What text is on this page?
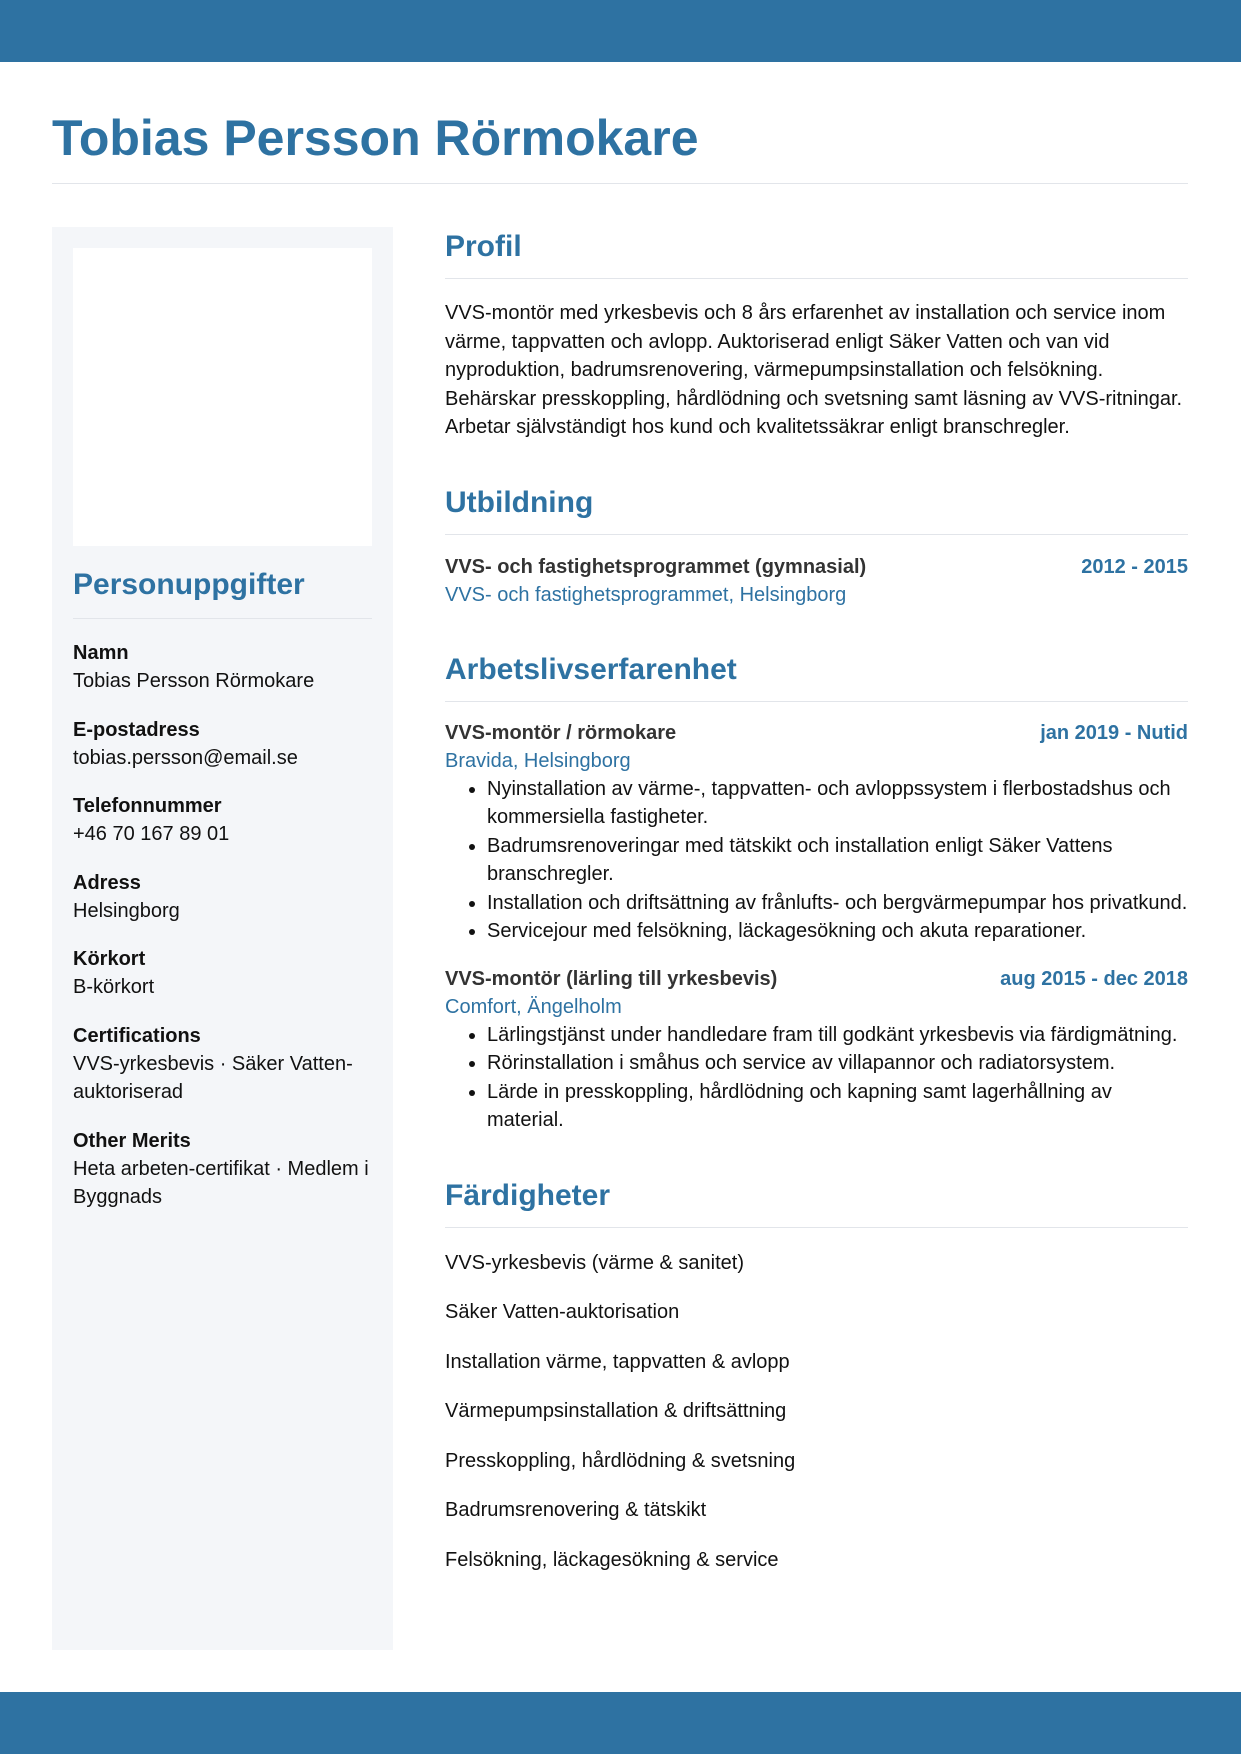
Tobias Persson Rörmokare
Personuppgifter
Namn
Tobias Persson Rörmokare
E-postadress
tobias.persson@email.se
Telefonnummer
+46 70 167 89 01
Adress
Helsingborg
Körkort
B-körkort
Certifications
VVS-yrkesbevis · Säker Vatten-auktoriserad
Other Merits
Heta arbeten-certifikat · Medlem i Byggnads
Profil

VVS-montör med yrkesbevis och 8 års erfarenhet av installation och service inom värme, tappvatten och avlopp. Auktoriserad enligt Säker Vatten och van vid nyproduktion, badrumsrenovering, värmepumpsinstallation och felsökning. Behärskar presskoppling, hårdlödning och svetsning samt läsning av VVS-ritningar. Arbetar självständigt hos kund och kvalitetssäkrar enligt branschregler.

Utbildning
VVS- och fastighetsprogrammet (gymnasial)	2012 - 2015
VVS- och fastighetsprogrammet, Helsingborg
Arbetslivserfarenhet
VVS-montör / rörmokare	jan 2019 - Nutid
Bravida, Helsingborg
• Nyinstallation av värme-, tappvatten- och avloppssystem i flerbostadshus och kommersiella fastigheter.
• Badrumsrenoveringar med tätskikt och installation enligt Säker Vattens branschregler.
• Installation och driftsättning av frånlufts- och bergvärmepumpar hos privatkund.
• Servicejour med felsökning, läckagesökning och akuta reparationer.
VVS-montör (lärling till yrkesbevis)	aug 2015 - dec 2018
Comfort, Ängelholm
• Lärlingstjänst under handledare fram till godkänt yrkesbevis via färdigmätning.
• Rörinstallation i småhus och service av villapannor och radiatorsystem.
• Lärde in presskoppling, hårdlödning och kapning samt lagerhållning av material.
Färdigheter
VVS-yrkesbevis (värme & sanitet)
Säker Vatten-auktorisation
Installation värme, tappvatten & avlopp
Värmepumpsinstallation & driftsättning
Presskoppling, hårdlödning & svetsning
Badrumsrenovering & tätskikt
Felsökning, läckagesökning & service
